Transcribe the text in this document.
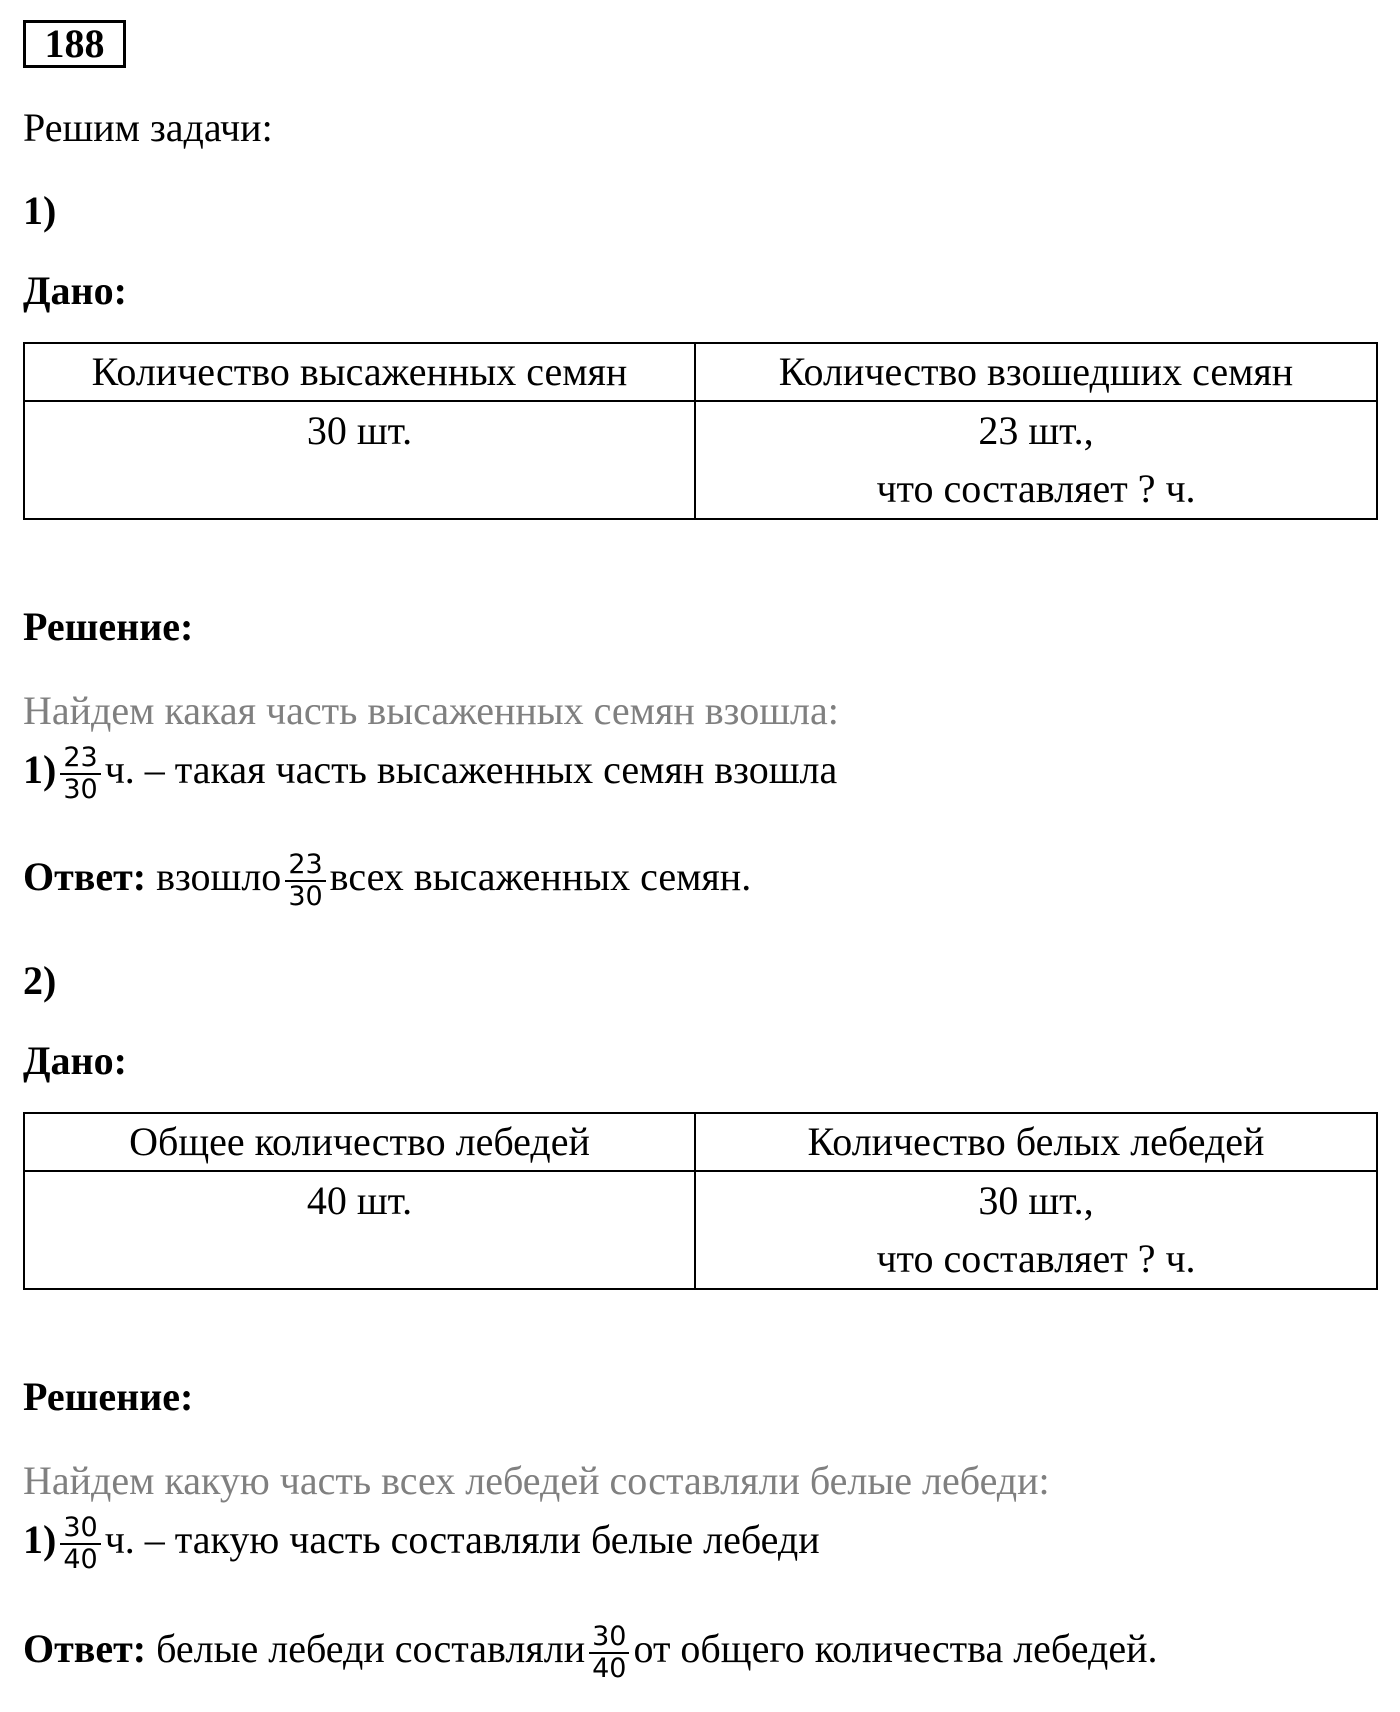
188
Решим задачи:
1)
Дано:
Количество высаженных семян	Количество взошедших семян
30 шт.	23 шт.,
что составляет ? ч.
Решение:
Найдем какая часть высаженных семян взошла:
$1) \frac{23}{30} ч$. – такая часть высаженных семян взошла
Ответ: взошло $\frac{23}{30}$ всех высаженных семян.
2)
Дано:
Общее количество лебедей	Количество белых лебедей
40 шт.	30 шт.,
что составляет ? ч.
Решение:
Найдем какую часть всех лебедей составляли белые лебеди:
$1) \frac{30}{40} ч$. – такую часть составляли белые лебеди
Ответ: белые лебеди составляли $\frac{30}{40}$ от общего количества лебедей.
